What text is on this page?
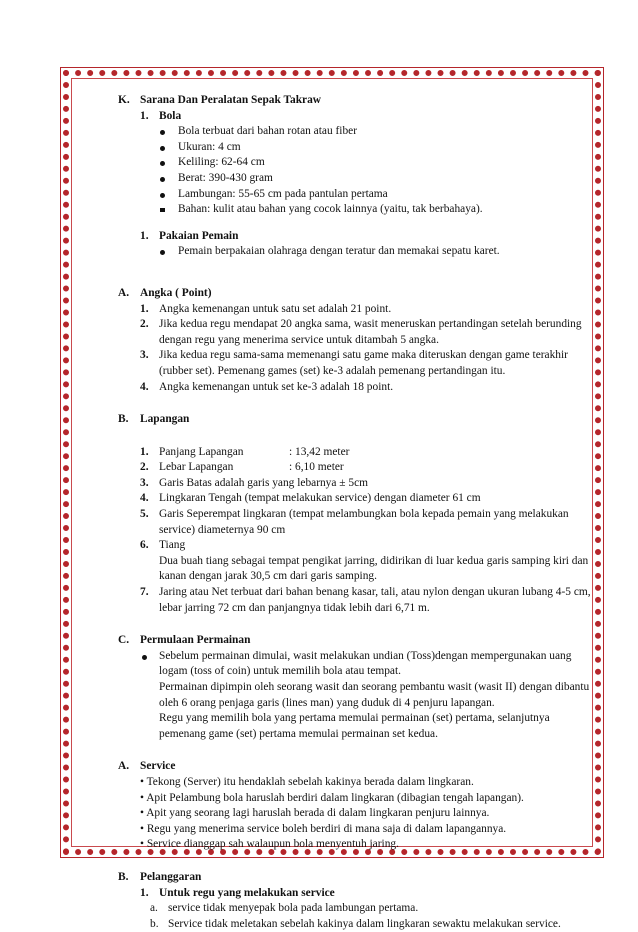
K. Sarana Dan Peralatan Sepak Takraw
1. Bola
Bola terbuat dari bahan rotan atau fiber
Ukuran: 4 cm
Keliling: 62-64 cm
Berat: 390-430 gram
Lambungan: 55-65 cm pada pantulan pertama
Bahan: kulit atau bahan yang cocok lainnya (yaitu, tak berbahaya).
1. Pakaian Pemain
Pemain berpakaian olahraga dengan teratur dan memakai sepatu karet.
A. Angka ( Point)
1. Angka kemenangan untuk satu set adalah 21 point.
2. Jika kedua regu mendapat 20 angka sama, wasit meneruskan pertandingan setelah berunding dengan regu yang menerima service untuk ditambah 5 angka.
3. Jika kedua regu sama-sama memenangi satu game maka diteruskan dengan game terakhir (rubber set). Pemenang games (set) ke-3 adalah pemenang pertandingan itu.
4. Angka kemenangan untuk set ke-3 adalah 18 point.
B. Lapangan
1. Panjang Lapangan	: 13,42 meter
2. Lebar Lapangan	: 6,10 meter
3. Garis Batas adalah garis yang lebarnya ± 5cm
4. Lingkaran Tengah (tempat melakukan service) dengan diameter 61 cm
5. Garis Seperempat lingkaran (tempat melambungkan bola kepada pemain yang melakukan service) diameternya 90 cm
6. Tiang
Dua buah tiang sebagai tempat pengikat jarring, didirikan di luar kedua garis samping kiri dan kanan dengan jarak 30,5 cm dari garis samping.
7. Jaring atau Net terbuat dari bahan benang kasar, tali, atau nylon dengan ukuran lubang 4-5 cm, lebar jarring 72 cm dan panjangnya tidak lebih dari 6,71 m.
C. Permulaan Permainan
Sebelum permainan dimulai, wasit melakukan undian (Toss)dengan mempergunakan uang logam (toss of coin) untuk memilih bola atau tempat.
Permainan dipimpin oleh seorang wasit dan seorang pembantu wasit (wasit II) dengan dibantu oleh 6 orang penjaga garis (lines man) yang duduk di 4 penjuru lapangan.
Regu yang memilih bola yang pertama memulai permainan (set) pertama, selanjutnya pemenang game (set) pertama memulai permainan set kedua.
A. Service
• Tekong (Server) itu hendaklah sebelah kakinya berada dalam lingkaran.
• Apit Pelambung bola haruslah berdiri dalam lingkaran (dibagian tengah lapangan).
• Apit yang seorang lagi haruslah berada di dalam lingkaran penjuru lainnya.
• Regu yang menerima service boleh berdiri di mana saja di dalam lapangannya.
• Service dianggap sah walaupun bola menyentuh jaring.
B. Pelanggaran
1. Untuk regu yang melakukan service
a. service tidak menyepak bola pada lambungan pertama.
b. Service tidak meletakan sebelah kakinya dalam lingkaran sewaktu melakukan service.
